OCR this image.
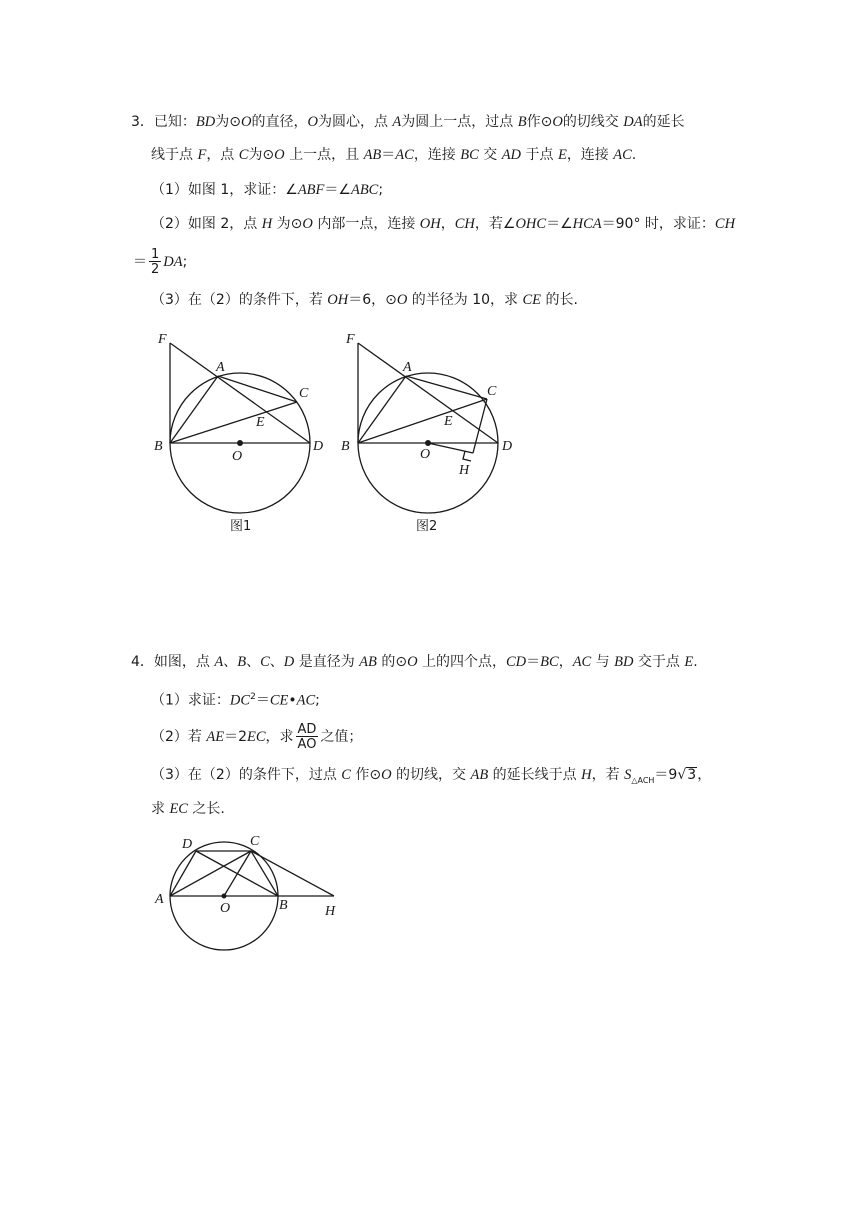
3．已知：BD为⊙O的直径，O为圆心，点 A为圆上一点，过点 B作⊙O的切线交 DA的延长
线于点 F，点 C为⊙O 上一点，且 AB＝AC，连接 BC 交 AD 于点 E，连接 AC.
（1）如图 1，求证：∠ABF＝∠ABC;
（2）如图 2，点 H 为⊙O 内部一点，连接 OH，CH，若∠OHC＝∠HCA＝90° 时，求证：CH
＝ $\frac{1}{2}$ DA;
（3）在（2）的条件下，若 OH＝6，⊙O 的半径为 10，求 CE 的长.
F
A
C
E
B
O
D
图1
F
A
C
E
B
O
D
H
图2
4．如图，点 A、B、C、D 是直径为 AB 的⊙O 上的四个点，CD＝BC，AC 与 BD 交于点 E.
（1）求证：$DC^2=CE•AC$;
（2）若 AE＝2EC，求 $\frac{AD}{AO}$ 之值；
（3）在（2）的条件下，过点 C 作⊙O 的切线，交 AB 的延长线于点 H，若 $S_{\triangle ACH}=9√3$，
求 EC 之长.
D	C
A
O	B	H
